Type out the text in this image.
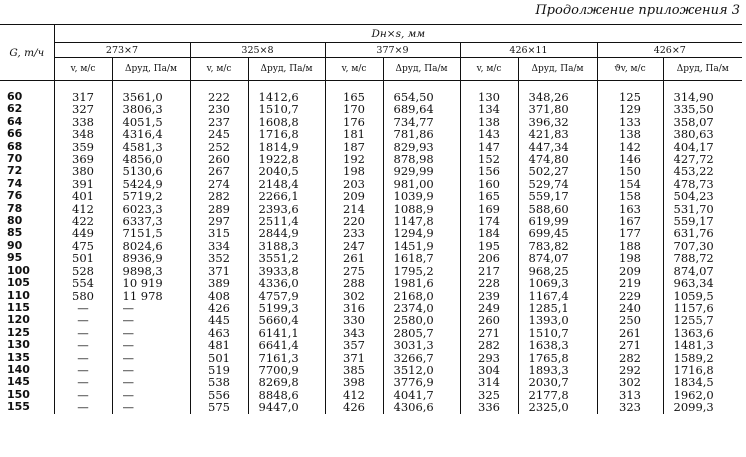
Продолжение приложения 3
G, т/ч	Dн×s, мм									
	273×7		325×8		377×9		426×11		426×7	
	v, м/с	Δpуд, Па/м	v, м/с	Δpуд, Па/м	v, м/с	Δpуд, Па/м	v, м/с	Δpуд, Па/м	ϑv, м/с	Δpуд, Па/м
60	317	3561,0	222	1412,6	165	654,50	130	348,26	125	314,90
62	327	3806,3	230	1510,7	170	689,64	134	371,80	129	335,50
64	338	4051,5	237	1608,8	176	734,77	138	396,32	133	358,07
66	348	4316,4	245	1716,8	181	781,86	143	421,83	138	380,63
68	359	4581,3	252	1814,9	187	829,93	147	447,34	142	404,17
70	369	4856,0	260	1922,8	192	878,98	152	474,80	146	427,72
72	380	5130,6	267	2040,5	198	929,99	156	502,27	150	453,22
74	391	5424,9	274	2148,4	203	981,00	160	529,74	154	478,73
76	401	5719,2	282	2266,1	209	1039,9	165	559,17	158	504,23
78	412	6023,3	289	2393,6	214	1088,9	169	588,60	163	531,70
80	422	6337,3	297	2511,4	220	1147,8	174	619,99	167	559,17
85	449	7151,5	315	2844,9	233	1294,9	184	699,45	177	631,76
90	475	8024,6	334	3188,3	247	1451,9	195	783,82	188	707,30
95	501	8936,9	352	3551,2	261	1618,7	206	874,07	198	788,72
100	528	9898,3	371	3933,8	275	1795,2	217	968,25	209	874,07
105	554	10 919	389	4336,0	288	1981,6	228	1069,3	219	963,34
110	580	11 978	408	4757,9	302	2168,0	239	1167,4	229	1059,5
115	—	—	426	5199,3	316	2374,0	249	1285,1	240	1157,6
120	—	—	445	5660,4	330	2580,0	260	1393,0	250	1255,7
125	—	—	463	6141,1	343	2805,7	271	1510,7	261	1363,6
130	—	—	481	6641,4	357	3031,3	282	1638,3	271	1481,3
135	—	—	501	7161,3	371	3266,7	293	1765,8	282	1589,2
140	—	—	519	7700,9	385	3512,0	304	1893,3	292	1716,8
145	—	—	538	8269,8	398	3776,9	314	2030,7	302	1834,5
150	—	—	556	8848,6	412	4041,7	325	2177,8	313	1962,0
155	—	—	575	9447,0	426	4306,6	336	2325,0	323	2099,3
